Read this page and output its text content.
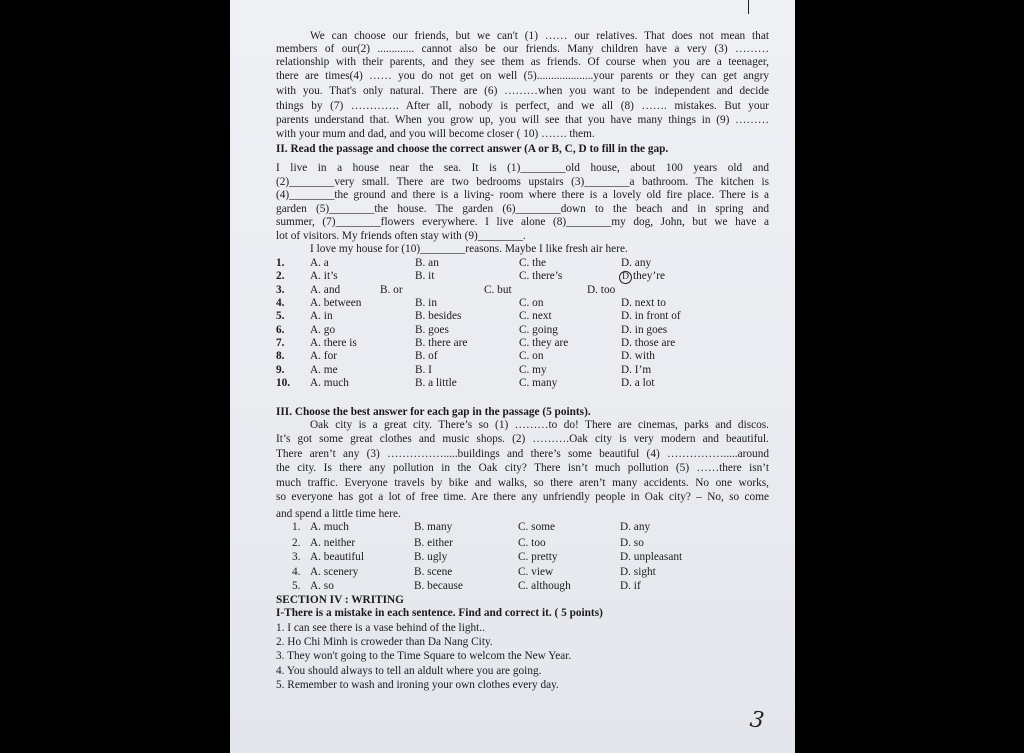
We can choose our friends, but we can't (1) …… our relatives. That does not mean that
members of our(2) ............. cannot also be our friends. Many children have a very (3) ………
relationship with their parents, and they see them as friends. Of course when you are a teenager,
there are times(4) …… you do not get on well (5)....................your parents or they can get angry
with you. That's only natural. There are (6) ………when you want to be independent and decide
things by (7) …………. After all, nobody is perfect, and we all (8) ……. mistakes. But your
parents understand that. When you grow up, you will see that you have many things in (9) ………
with your mum and dad, and you will become closer ( 10) ……. them.
II. Read the passage and choose the correct answer (A or B, C, D to fill in the gap.
I live in a house near the sea. It is (1)________old house, about 100 years old and
(2)________very small. There are two bedrooms upstairs (3)________a bathroom. The kitchen is
(4)________the ground and there is a living- room where there is a lovely old fire place. There is a
garden (5)________the house. The garden (6)________down to the beach and in spring and
summer, (7)________flowers everywhere. I live alone (8)________my dog, John, but we have a
lot of visitors. My friends often stay with (9)________.
I love my house for (10)________reasons. Maybe I like fresh air here.
1. A. a	B. an	C. the	D. any
2. A. it’s	B. it	C. there’s	D they’re
3. A. and	B. or	C. but	D. too
4. A. between	B. in	C. on	D. next to
5. A. in	B. besides	C. next	D. in front of
6. A. go	B. goes	C. going	D. in goes
7. A. there is	B. there are	C. they are	D. those are
8. A. for	B. of	C. on	D. with
9. A. me	B. I	C. my	D. I’m
10. A. much	B. a little	C. many	D. a lot
III. Choose the best answer for each gap in the passage (5 points).
Oak city is a great city. There’s so (1) ………to do! There are cinemas, parks and discos.
It’s got some great clothes and music shops. (2) ……….Oak city is very modern and beautiful.
There aren’t any (3) …………….....buildings and there’s some beautiful (4) …………….....around
the city. Is there any pollution in the Oak city? There isn’t much pollution (5) ……there isn’t
much traffic. Everyone travels by bike and walks, so there aren’t many accidents. No one works,
so everyone has got a lot of free time. Are there any unfriendly people in Oak city? – No, so come
and spend a little time here.
1. A. much	B. many	C. some	D. any
2. A. neither	B. either	C. too	D. so
3. A. beautiful	B. ugly	C. pretty	D. unpleasant
4. A. scenery	B. scene	C. view	D. sight
5. A. so	B. because	C. although	D. if
SECTION IV : WRITING
I-There is a mistake in each sentence. Find and correct it. ( 5 points)
1. I can see there is a vase behind of the light..
2. Ho Chi Minh is croweder than Da Nang City.
3. They won't going to the Time Square to welcom the New Year.
4. You should always to tell an aldult where you are going.
5. Remember to wash and ironing your own clothes every day.
3
